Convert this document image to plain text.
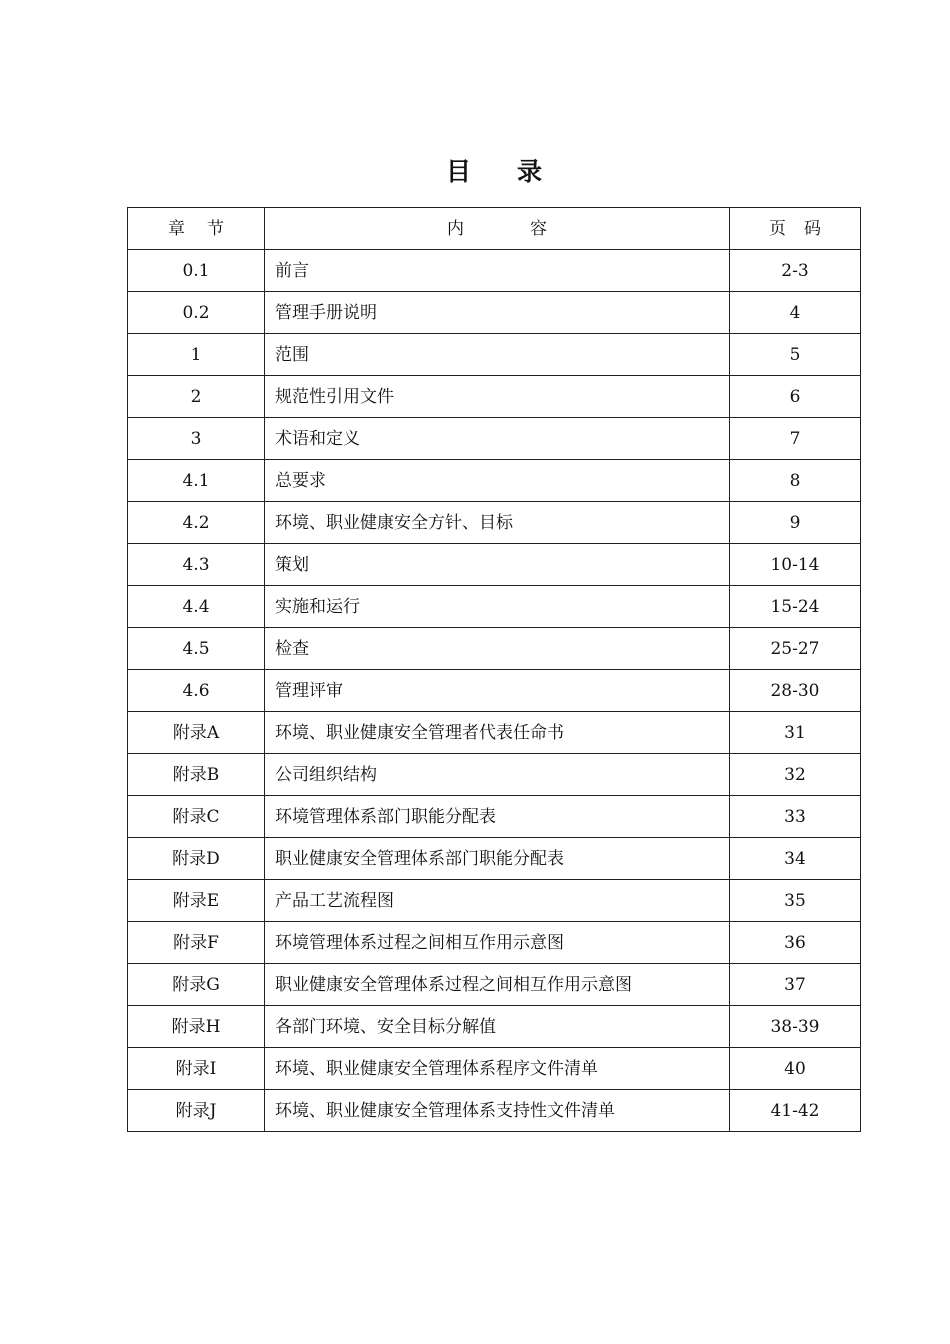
目 录
章节	内容	页码
0.1	前言	2-3
0.2	管理手册说明	4
1	范围	5
2	规范性引用文件	6
3	术语和定义	7
4.1	总要求	8
4.2	环境、职业健康安全方针、目标	9
4.3	策划	10-14
4.4	实施和运行	15-24
4.5	检查	25-27
4.6	管理评审	28-30
附录A	环境、职业健康安全管理者代表任命书	31
附录B	公司组织结构	32
附录C	环境管理体系部门职能分配表	33
附录D	职业健康安全管理体系部门职能分配表	34
附录E	产品工艺流程图	35
附录F	环境管理体系过程之间相互作用示意图	36
附录G	职业健康安全管理体系过程之间相互作用示意图	37
附录H	各部门环境、安全目标分解值	38-39
附录I	环境、职业健康安全管理体系程序文件清单	40
附录J	环境、职业健康安全管理体系支持性文件清单	41-42
